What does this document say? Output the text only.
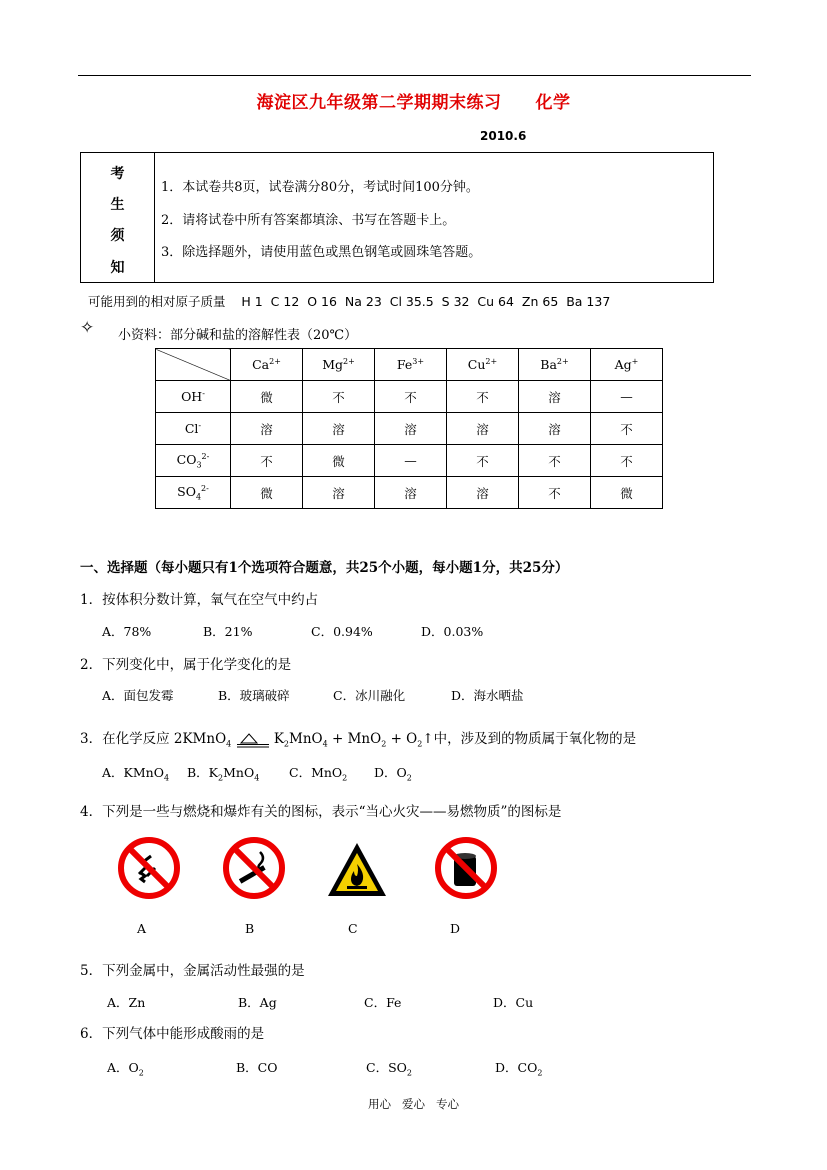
海淀区九年级第二学期期末练习 化学
2010.6
考
生
须
知
1．本试卷共8页，试卷满分80分，考试时间100分钟。
2．请将试卷中所有答案都填涂、书写在答题卡上。
3．除选择题外，请使用蓝色或黑色钢笔或圆珠笔答题。
可能用到的相对原子质量    H 1  C 12  O 16  Na 23  Cl 35.5  S 32  Cu 64  Zn 65  Ba 137
✧ 小资料：部分碱和盐的溶解性表（20℃）
	$Ca^{2+}$	$Mg^{2+}$	$Fe^{3+}$	$Cu^{2+}$	$Ba^{2+}$	Ag+
OH-	微	不	不	不	溶	—
Cl-	溶	溶	溶	溶	溶	不
$CO_3^{2-}$	不	微	—	不	不	不
$SO_4^{2-}$	微	溶	溶	溶	不	微
一、选择题（每小题只有1个选项符合题意，共25个小题，每小题1分，共25分）
1．按体积分数计算，氧气在空气中约占
A．78%	B．21%	C．0.94%	D．0.03%
2．下列变化中，属于化学变化的是
A．面包发霉	B．玻璃破碎	C．冰川融化	D．海水晒盐
3．在化学反应 2KMnO$_4$	$K_2MnO_4 + MnO_2$ + $O_2↑$中，涉及到的物质属于氧化物的是
A．KMnO$_4$ B．$K_2MnO_4$ C．MnO$_2$ D．$O_2$
4．下列是一些与燃烧和爆炸有关的图标，表示“当心火灾——易燃物质”的图标是
A	B	C	D
5．下列金属中，金属活动性最强的是
A．Zn	B．Ag	C．Fe	D．Cu
6．下列气体中能形成酸雨的是
A．$O_2$	B．CO	C．$SO_2$	D．$CO_2$
用心   爱心   专心
